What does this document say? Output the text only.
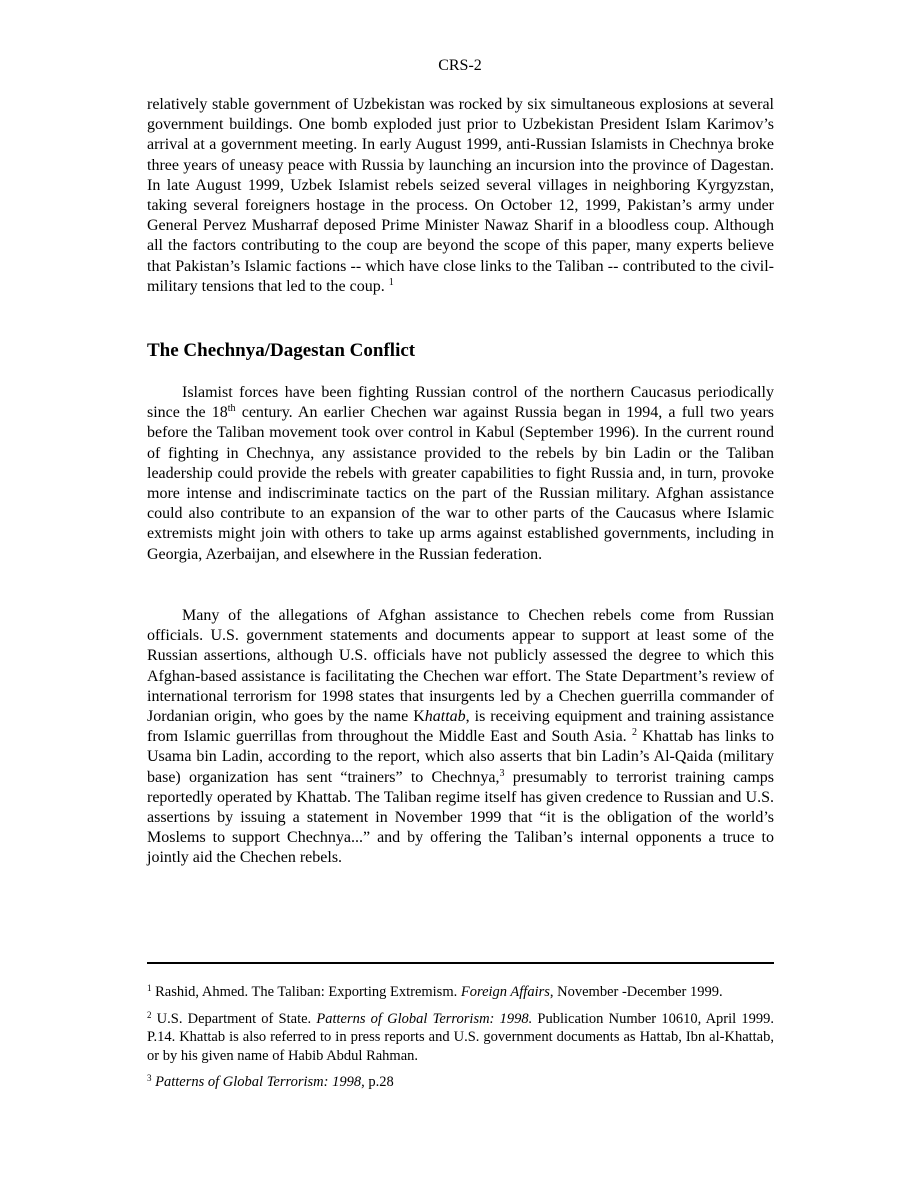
CRS-2

relatively stable government of Uzbekistan was rocked by six simultaneous explosions at several government buildings. One bomb exploded just prior to Uzbekistan President Islam Karimov’s arrival at a government meeting. In early August 1999, anti-Russian Islamists in Chechnya broke three years of uneasy peace with Russia by launching an incursion into the province of Dagestan. In late August 1999, Uzbek Islamist rebels seized several villages in neighboring Kyrgyzstan, taking several foreigners hostage in the process. On October 12, 1999, Pakistan’s army under General Pervez Musharraf deposed Prime Minister Nawaz Sharif in a bloodless coup. Although all the factors contributing to the coup are beyond the scope of this paper, many experts believe that Pakistan’s Islamic factions -- which have close links to the Taliban -- contributed to the civil-military tensions that led to the coup. $^1$

The Chechnya/Dagestan Conflict

Islamist forces have been fighting Russian control of the northern Caucasus periodically since the 18th century. An earlier Chechen war against Russia began in 1994, a full two years before the Taliban movement took over control in Kabul (September 1996). In the current round of fighting in Chechnya, any assistance provided to the rebels by bin Ladin or the Taliban leadership could provide the rebels with greater capabilities to fight Russia and, in turn, provoke more intense and indiscriminate tactics on the part of the Russian military. Afghan assistance could also contribute to an expansion of the war to other parts of the Caucasus where Islamic extremists might join with others to take up arms against established governments, including in Georgia, Azerbaijan, and elsewhere in the Russian federation.

Many of the allegations of Afghan assistance to Chechen rebels come from Russian officials. U.S. government statements and documents appear to support at least some of the Russian assertions, although U.S. officials have not publicly assessed the degree to which this Afghan-based assistance is facilitating the Chechen war effort. The State Department’s review of international terrorism for 1998 states that insurgents led by a Chechen guerrilla commander of Jordanian origin, who goes by the name Khattab, is receiving equipment and training assistance from Islamic guerrillas from throughout the Middle East and South Asia. $^2$ Khattab has links to Usama bin Ladin, according to the report, which also asserts that bin Ladin’s Al-Qaida (military base) organization has sent “trainers” to Chechnya,$^3$ presumably to terrorist training camps reportedly operated by Khattab. The Taliban regime itself has given credence to Russian and U.S. assertions by issuing a statement in November 1999 that “it is the obligation of the world’s Moslems to support Chechnya...” and by offering the Taliban’s internal opponents a truce to jointly aid the Chechen rebels.

$^1$ Rashid, Ahmed. The Taliban: Exporting Extremism. Foreign Affairs, November -December 1999.

$^2$ U.S. Department of State. Patterns of Global Terrorism: 1998. Publication Number 10610, April 1999. P.14. Khattab is also referred to in press reports and U.S. government documents as Hattab, Ibn al-Khattab, or by his given name of Habib Abdul Rahman.

$^3$ Patterns of Global Terrorism: 1998, p.28
